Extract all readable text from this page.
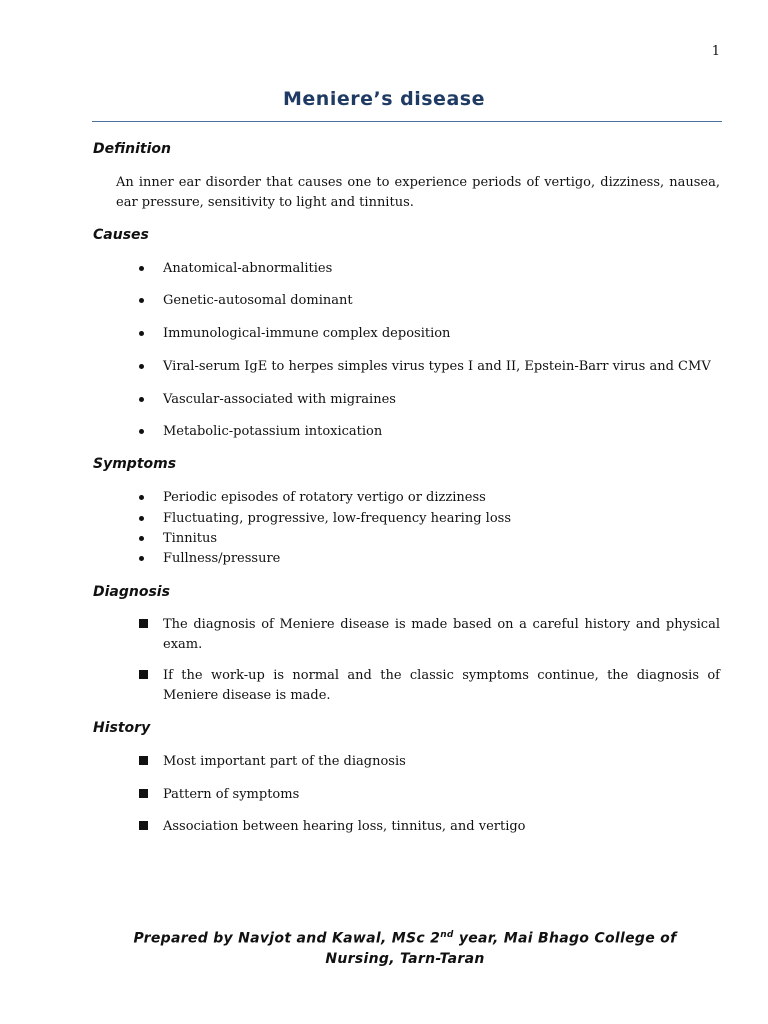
1
Meniere’s disease
Definition

An inner ear disorder that causes one to experience periods of vertigo, dizziness, nausea, ear pressure, sensitivity to light and tinnitus.

Causes
Anatomical-abnormalities
Genetic-autosomal dominant
Immunological-immune complex deposition
Viral-serum IgE to herpes simples virus types I and II, Epstein-Barr virus and CMV
Vascular-associated with migraines
Metabolic-potassium intoxication
Symptoms
Periodic episodes of rotatory vertigo or dizziness
Fluctuating, progressive, low-frequency hearing loss
Tinnitus
Fullness/pressure
Diagnosis
The diagnosis of Meniere disease is made based on a careful history and physical exam.
If the work-up is normal and the classic symptoms continue, the diagnosis of Meniere disease is made.
History
Most important part of the diagnosis
Pattern of symptoms
Association between hearing loss, tinnitus, and vertigo

Prepared by Navjot and Kawal, MSc 2nd year, Mai Bhago College of
Nursing, Tarn-Taran
